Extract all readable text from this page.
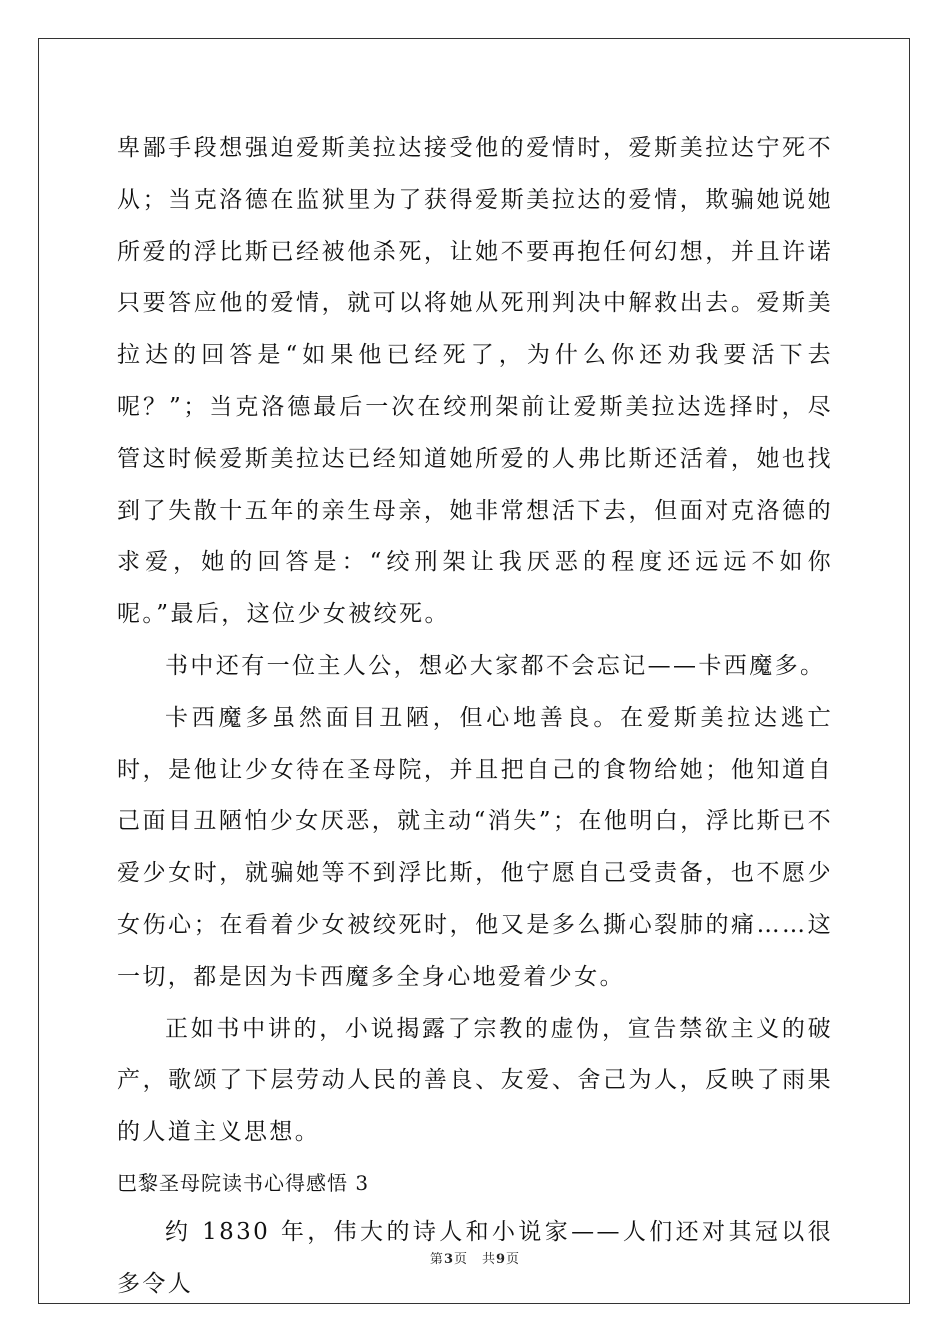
卑鄙手段想强迫爱斯美拉达接受他的爱情时，爱斯美拉达宁死不从；当克洛德在监狱里为了获得爱斯美拉达的爱情，欺骗她说她所爱的浮比斯已经被他杀死，让她不要再抱任何幻想，并且许诺只要答应他的爱情，就可以将她从死刑判决中解救出去。爱斯美拉达的回答是“如果他已经死了，为什么你还劝我要活下去呢？”；当克洛德最后一次在绞刑架前让爱斯美拉达选择时，尽管这时候爱斯美拉达已经知道她所爱的人弗比斯还活着，她也找到了失散十五年的亲生母亲，她非常想活下去，但面对克洛德的求爱，她的回答是：“绞刑架让我厌恶的程度还远远不如你呢。”最后，这位少女被绞死。

书中还有一位主人公，想必大家都不会忘记——卡西魔多。

卡西魔多虽然面目丑陋，但心地善良。在爱斯美拉达逃亡时，是他让少女待在圣母院，并且把自己的食物给她；他知道自己面目丑陋怕少女厌恶，就主动“消失”；在他明白，浮比斯已不爱少女时，就骗她等不到浮比斯，他宁愿自己受责备，也不愿少女伤心；在看着少女被绞死时，他又是多么撕心裂肺的痛……这一切，都是因为卡西魔多全身心地爱着少女。

正如书中讲的，小说揭露了宗教的虚伪，宣告禁欲主义的破产，歌颂了下层劳动人民的善良、友爱、舍己为人，反映了雨果的人道主义思想。

巴黎圣母院读书心得感悟 3

约 1830 年，伟大的诗人和小说家——人们还对其冠以很多令人

第3页　共9页
